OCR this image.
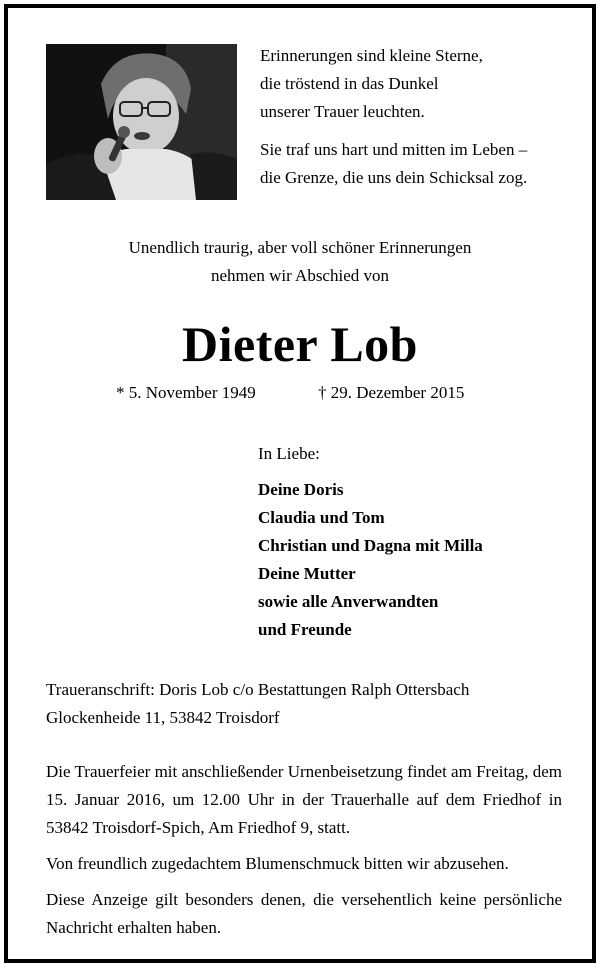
Erinnerungen sind kleine Sterne,

die tröstend in das Dunkel

unserer Trauer leuchten.

Sie traf uns hart und mitten im Leben –

die Grenze, die uns dein Schicksal zog.

Unendlich traurig, aber voll schöner Erinnerungen
nehmen wir Abschied von
Dieter Lob
* 5. November 1949	† 29. Dezember 2015
In Liebe:
Deine Doris
Claudia und Tom
Christian und Dagna mit Milla
Deine Mutter
sowie alle Anverwandten
und Freunde
Traueranschrift: Doris Lob c/o Bestattungen Ralph Ottersbach
Glockenheide 11, 53842 Troisdorf

Die Trauerfeier mit anschließender Urnenbeisetzung findet am Freitag, dem 15. Januar 2016, um 12.00 Uhr in der Trauerhalle auf dem Friedhof in 53842 Troisdorf-Spich, Am Friedhof 9, statt.

Von freundlich zugedachtem Blumenschmuck bitten wir abzusehen.

Diese Anzeige gilt besonders denen, die versehentlich keine persönliche Nachricht erhalten haben.
